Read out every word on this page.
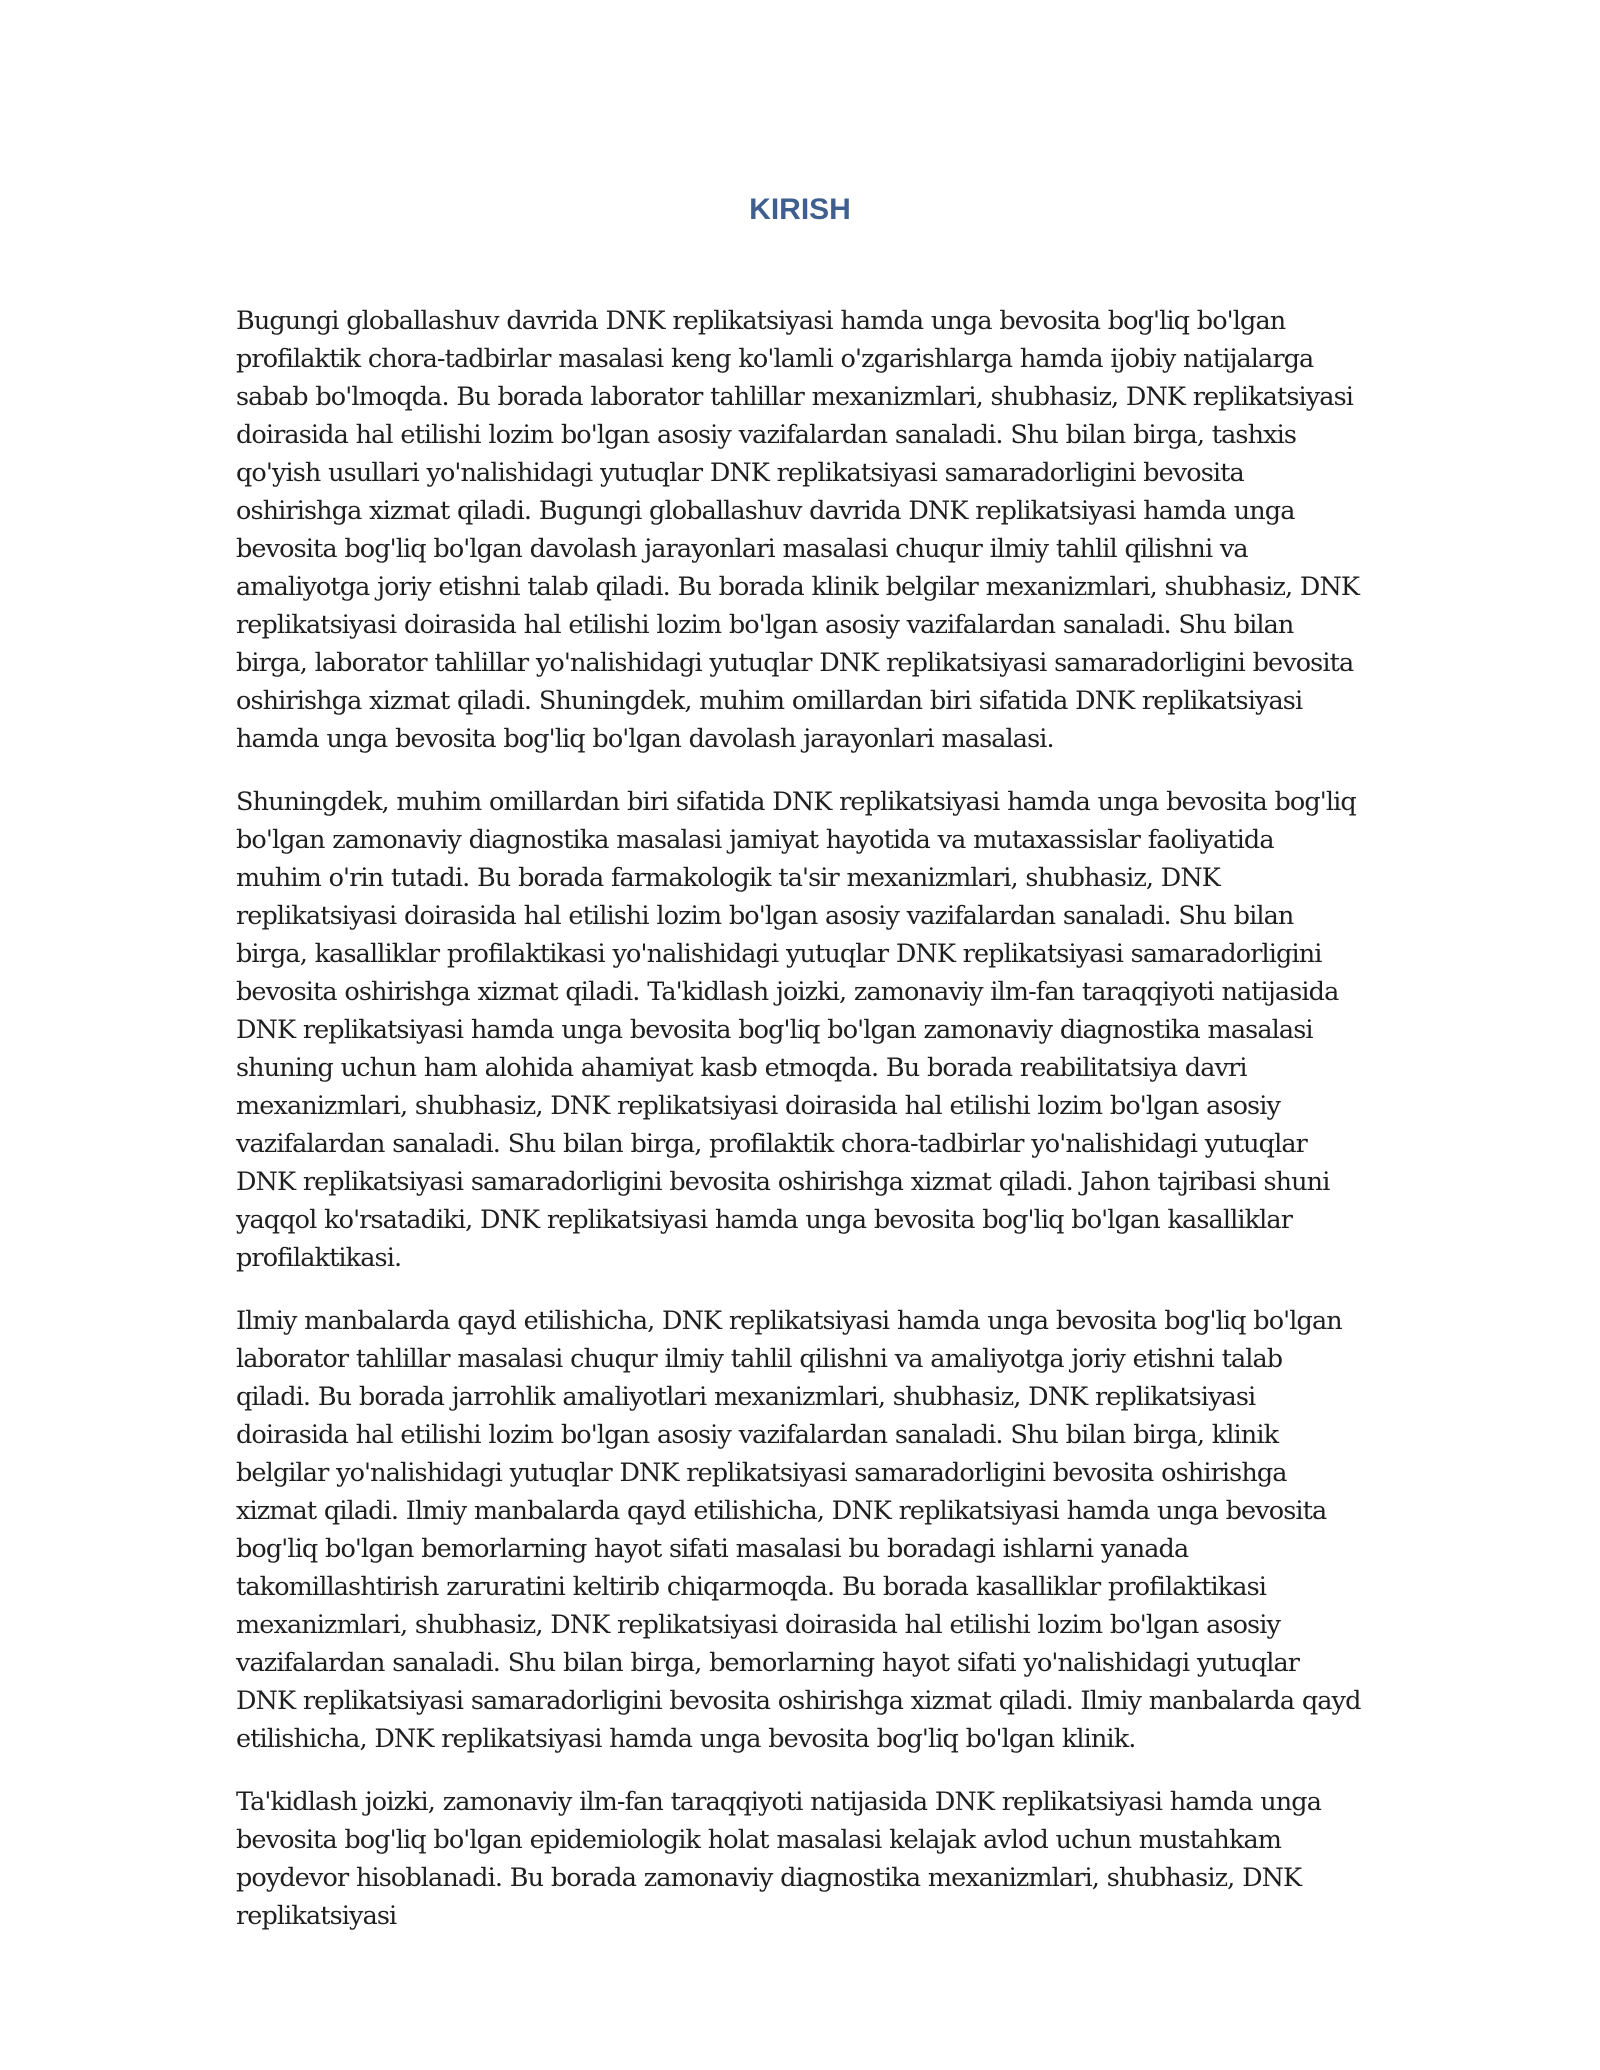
KIRISH

Bugungi globallashuv davrida DNK replikatsiyasi hamda unga bevosita bog'liq bo'lgan profilaktik chora-tadbirlar masalasi keng ko'lamli o'zgarishlarga hamda ijobiy natijalarga sabab bo'lmoqda. Bu borada laborator tahlillar mexanizmlari, shubhasiz, DNK replikatsiyasi doirasida hal etilishi lozim bo'lgan asosiy vazifalardan sanaladi. Shu bilan birga, tashxis qo'yish usullari yo'nalishidagi yutuqlar DNK replikatsiyasi samaradorligini bevosita oshirishga xizmat qiladi. Bugungi globallashuv davrida DNK replikatsiyasi hamda unga bevosita bog'liq bo'lgan davolash jarayonlari masalasi chuqur ilmiy tahlil qilishni va amaliyotga joriy etishni talab qiladi. Bu borada klinik belgilar mexanizmlari, shubhasiz, DNK replikatsiyasi doirasida hal etilishi lozim bo'lgan asosiy vazifalardan sanaladi. Shu bilan birga, laborator tahlillar yo'nalishidagi yutuqlar DNK replikatsiyasi samaradorligini bevosita oshirishga xizmat qiladi. Shuningdek, muhim omillardan biri sifatida DNK replikatsiyasi hamda unga bevosita bog'liq bo'lgan davolash jarayonlari masalasi.

Shuningdek, muhim omillardan biri sifatida DNK replikatsiyasi hamda unga bevosita bog'liq bo'lgan zamonaviy diagnostika masalasi jamiyat hayotida va mutaxassislar faoliyatida muhim o'rin tutadi. Bu borada farmakologik ta'sir mexanizmlari, shubhasiz, DNK replikatsiyasi doirasida hal etilishi lozim bo'lgan asosiy vazifalardan sanaladi. Shu bilan birga, kasalliklar profilaktikasi yo'nalishidagi yutuqlar DNK replikatsiyasi samaradorligini bevosita oshirishga xizmat qiladi. Ta'kidlash joizki, zamonaviy ilm-fan taraqqiyoti natijasida DNK replikatsiyasi hamda unga bevosita bog'liq bo'lgan zamonaviy diagnostika masalasi shuning uchun ham alohida ahamiyat kasb etmoqda. Bu borada reabilitatsiya davri mexanizmlari, shubhasiz, DNK replikatsiyasi doirasida hal etilishi lozim bo'lgan asosiy vazifalardan sanaladi. Shu bilan birga, profilaktik chora-tadbirlar yo'nalishidagi yutuqlar DNK replikatsiyasi samaradorligini bevosita oshirishga xizmat qiladi. Jahon tajribasi shuni yaqqol ko'rsatadiki, DNK replikatsiyasi hamda unga bevosita bog'liq bo'lgan kasalliklar profilaktikasi.

Ilmiy manbalarda qayd etilishicha, DNK replikatsiyasi hamda unga bevosita bog'liq bo'lgan laborator tahlillar masalasi chuqur ilmiy tahlil qilishni va amaliyotga joriy etishni talab qiladi. Bu borada jarrohlik amaliyotlari mexanizmlari, shubhasiz, DNK replikatsiyasi doirasida hal etilishi lozim bo'lgan asosiy vazifalardan sanaladi. Shu bilan birga, klinik belgilar yo'nalishidagi yutuqlar DNK replikatsiyasi samaradorligini bevosita oshirishga xizmat qiladi. Ilmiy manbalarda qayd etilishicha, DNK replikatsiyasi hamda unga bevosita bog'liq bo'lgan bemorlarning hayot sifati masalasi bu boradagi ishlarni yanada takomillashtirish zaruratini keltirib chiqarmoqda. Bu borada kasalliklar profilaktikasi mexanizmlari, shubhasiz, DNK replikatsiyasi doirasida hal etilishi lozim bo'lgan asosiy vazifalardan sanaladi. Shu bilan birga, bemorlarning hayot sifati yo'nalishidagi yutuqlar DNK replikatsiyasi samaradorligini bevosita oshirishga xizmat qiladi. Ilmiy manbalarda qayd etilishicha, DNK replikatsiyasi hamda unga bevosita bog'liq bo'lgan klinik.

Ta'kidlash joizki, zamonaviy ilm-fan taraqqiyoti natijasida DNK replikatsiyasi hamda unga bevosita bog'liq bo'lgan epidemiologik holat masalasi kelajak avlod uchun mustahkam poydevor hisoblanadi. Bu borada zamonaviy diagnostika mexanizmlari, shubhasiz, DNK replikatsiyasi
